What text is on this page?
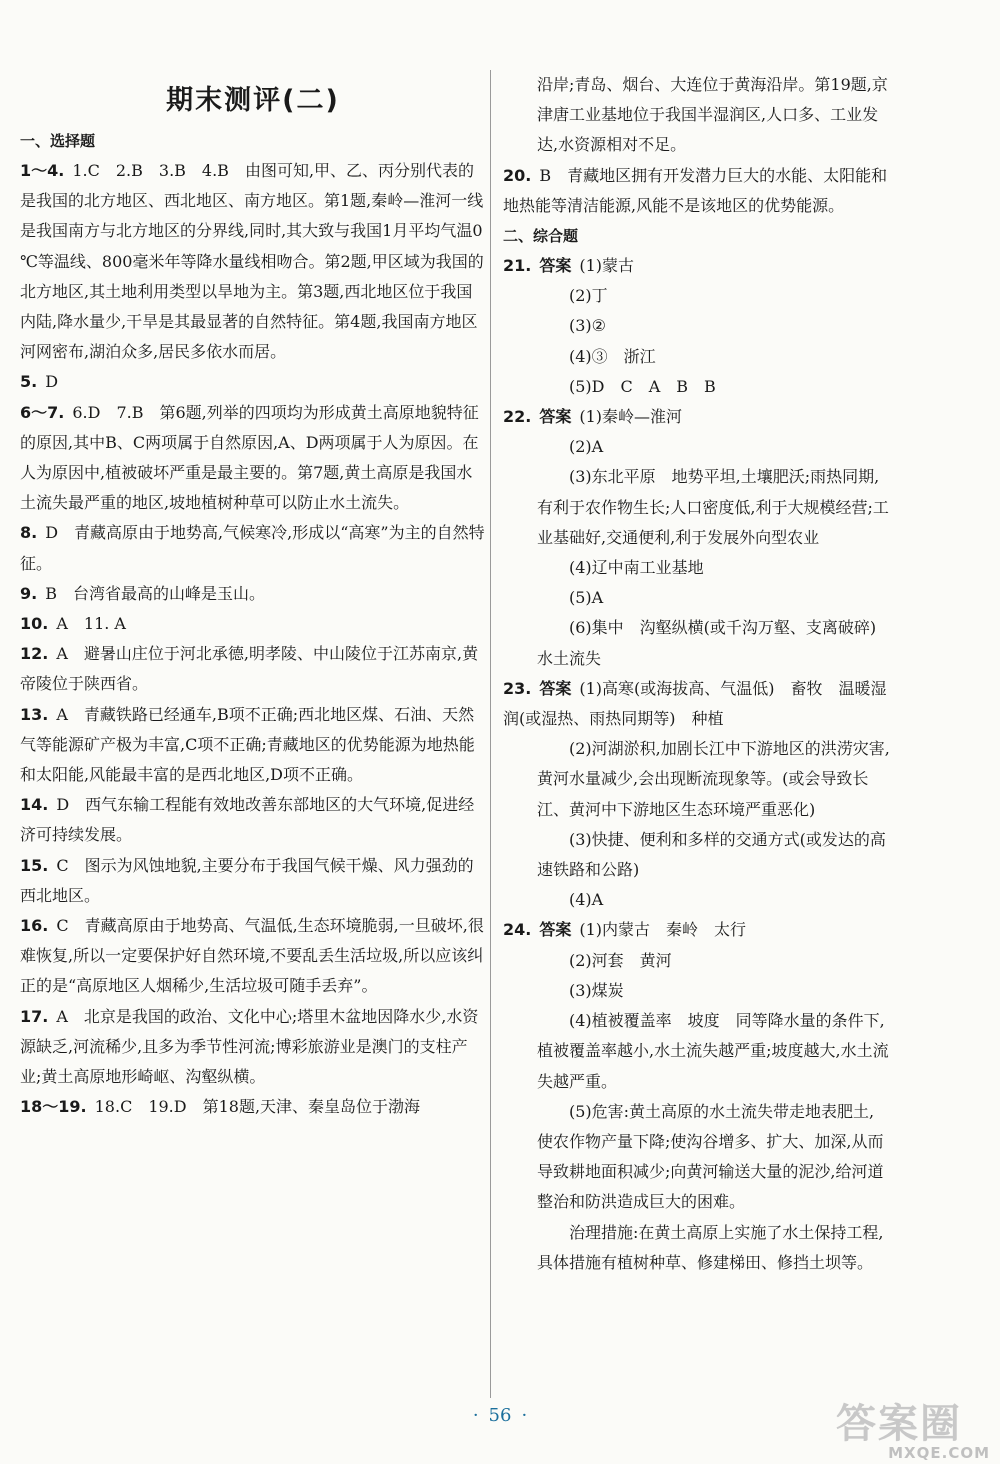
期末测评(二)
一、选择题
1～4. 1.C　2.B　3.B　4.B　由图可知,甲、乙、丙分别代表的是我国的北方地区、西北地区、南方地区。第1题,秦岭—淮河一线是我国南方与北方地区的分界线,同时,其大致与我国1月平均气温0 ℃等温线、800毫米年等降水量线相吻合。第2题,甲区域为我国的北方地区,其土地利用类型以旱地为主。第3题,西北地区位于我国内陆,降水量少,干旱是其最显著的自然特征。第4题,我国南方地区河网密布,湖泊众多,居民多依水而居。
5. D
6～7. 6.D　7.B　第6题,列举的四项均为形成黄土高原地貌特征的原因,其中B、C两项属于自然原因,A、D两项属于人为原因。在人为原因中,植被破坏严重是最主要的。第7题,黄土高原是我国水土流失最严重的地区,坡地植树种草可以防止水土流失。
8. D　青藏高原由于地势高,气候寒冷,形成以“高寒”为主的自然特征。
9. B　台湾省最高的山峰是玉山。
10. A　11. A
12. A　避暑山庄位于河北承德,明孝陵、中山陵位于江苏南京,黄帝陵位于陕西省。
13. A　青藏铁路已经通车,B项不正确;西北地区煤、石油、天然气等能源矿产极为丰富,C项不正确;青藏地区的优势能源为地热能和太阳能,风能最丰富的是西北地区,D项不正确。
14. D　西气东输工程能有效地改善东部地区的大气环境,促进经济可持续发展。
15. C　图示为风蚀地貌,主要分布于我国气候干燥、风力强劲的西北地区。
16. C　青藏高原由于地势高、气温低,生态环境脆弱,一旦破坏,很难恢复,所以一定要保护好自然环境,不要乱丢生活垃圾,所以应该纠正的是“高原地区人烟稀少,生活垃圾可随手丢弃”。
17. A　北京是我国的政治、文化中心;塔里木盆地因降水少,水资源缺乏,河流稀少,且多为季节性河流;博彩旅游业是澳门的支柱产业;黄土高原地形崎岖、沟壑纵横。
18～19. 18.C　19.D　第18题,天津、秦皇岛位于渤海
沿岸;青岛、烟台、大连位于黄海沿岸。第19题,京津唐工业基地位于我国半湿润区,人口多、工业发达,水资源相对不足。
20. B　青藏地区拥有开发潜力巨大的水能、太阳能和地热能等清洁能源,风能不是该地区的优势能源。
二、综合题
21. 答案 (1)蒙古
(2)丁
(3)②
(4)③　浙江
(5)D　C　A　B　B
22. 答案 (1)秦岭—淮河
(2)A
(3)东北平原　地势平坦,土壤肥沃;雨热同期,有利于农作物生长;人口密度低,利于大规模经营;工业基础好,交通便利,利于发展外向型农业
(4)辽中南工业基地
(5)A
(6)集中　沟壑纵横(或千沟万壑、支离破碎)　水土流失
23. 答案 (1)高寒(或海拔高、气温低)　畜牧　温暖湿润(或湿热、雨热同期等)　种植
(2)河湖淤积,加剧长江中下游地区的洪涝灾害,黄河水量减少,会出现断流现象等。(或会导致长江、黄河中下游地区生态环境严重恶化)
(3)快捷、便利和多样的交通方式(或发达的高速铁路和公路)
(4)A
24. 答案 (1)内蒙古　秦岭　太行
(2)河套　黄河
(3)煤炭
(4)植被覆盖率　坡度　同等降水量的条件下,植被覆盖率越小,水土流失越严重;坡度越大,水土流失越严重。
(5)危害:黄土高原的水土流失带走地表肥土,使农作物产量下降;使沟谷增多、扩大、加深,从而导致耕地面积减少;向黄河输送大量的泥沙,给河道整治和防洪造成巨大的困难。
治理措施:在黄土高原上实施了水土保持工程,具体措施有植树种草、修建梯田、修挡土坝等。
· 56 ·	答案圈
MXQE.COM
